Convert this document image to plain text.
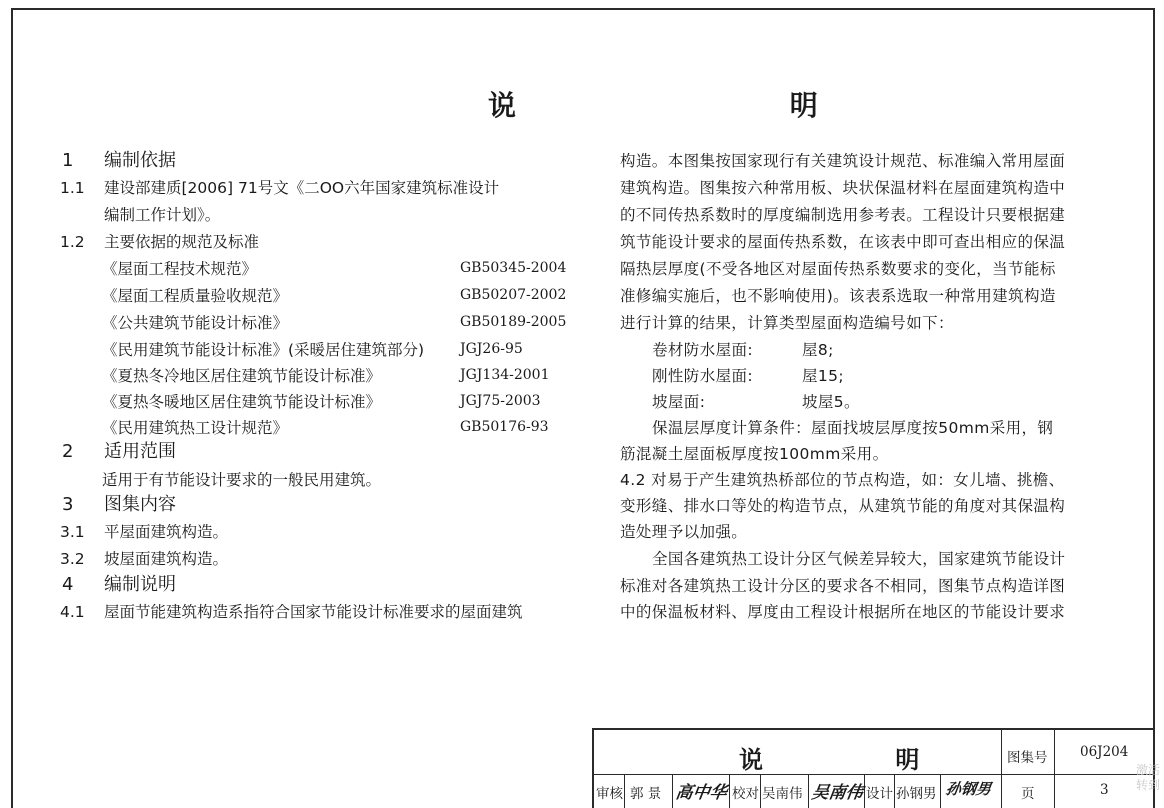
说 明
1 编制依据
1.1 建设部建质[2006] 71号文《二OO六年国家建筑标准设计
编制工作计划》。
1.2 主要依据的规范及标准
《屋面工程技术规范》	GB50345-2004
《屋面工程质量验收规范》	GB50207-2002
《公共建筑节能设计标准》	GB50189-2005
《民用建筑节能设计标准》(采暖居住建筑部分)	JGJ26-95
《夏热冬冷地区居住建筑节能设计标准》	JGJ134-2001
《夏热冬暖地区居住建筑节能设计标准》	JGJ75-2003
《民用建筑热工设计规范》	GB50176-93
2 适用范围
适用于有节能设计要求的一般民用建筑。
3 图集内容
3.1 平屋面建筑构造。
3.2 坡屋面建筑构造。
4 编制说明
4.1 屋面节能建筑构造系指符合国家节能设计标准要求的屋面建筑
构造。本图集按国家现行有关建筑设计规范、标准编入常用屋面
建筑构造。图集按六种常用板、块状保温材料在屋面建筑构造中
的不同传热系数时的厚度编制选用参考表。工程设计只要根据建
筑节能设计要求的屋面传热系数，在该表中即可查出相应的保温
隔热层厚度(不受各地区对屋面传热系数要求的变化，当节能标
准修编实施后，也不影响使用)。该表系选取一种常用建筑构造
进行计算的结果，计算类型屋面构造编号如下：
卷材防水屋面:	屋8;
刚性防水屋面:	屋15;
坡屋面:	坡屋5。
保温层厚度计算条件：屋面找坡层厚度按50mm采用，钢
筋混凝土屋面板厚度按100mm采用。
4.2 对易于产生建筑热桥部位的节点构造，如：女儿墙、挑檐、
变形缝、排水口等处的构造节点，从建筑节能的角度对其保温构
造处理予以加强。
全国各建筑热工设计分区气候差异较大，国家建筑节能设计
标准对各建筑热工设计分区的要求各不相同，图集节点构造详图
中的保温板材料、厚度由工程设计根据所在地区的节能设计要求
说 明 图集号 06J204
审核 郭 景 高中华 校对 吴南伟 吴南伟 设计 孙钢男 孙钢男 页	3
激活
转到
